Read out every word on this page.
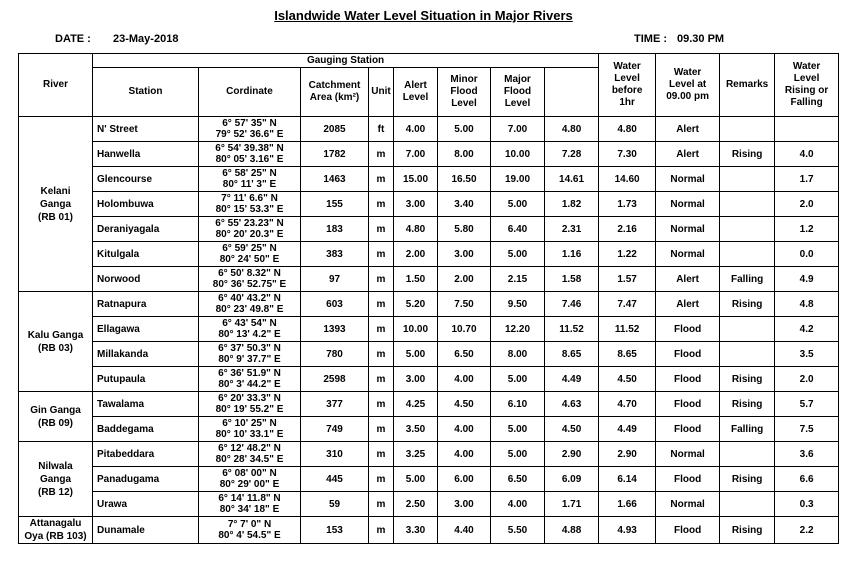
Islandwide Water Level Situation in Major Rivers
DATE : 23-May-2018	TIME : 09.30 PM
River	Gauging Station								Water
Level
before
1hr	Water
Level at
09.00 pm	Remarks	Water
Level
Rising or
Falling

	Station	Cordinate	Catchment
Area (km²)	Unit	Alert
Level	Minor
Flood
Level	Major
Flood
Level						

Kelani
Ganga
(RB 01)	N' Street	6° 57' 35" N
79° 52' 36.6" E	2085	ft	4.00	5.00	7.00	4.80	4.80	Alert			
	Hanwella	6° 54' 39.38" N
80° 05' 3.16" E	1782	m	7.00	8.00	10.00	7.28	7.30	Alert	Rising	4.0	
	Glencourse	6° 58' 25" N
80° 11' 3" E	1463	m	15.00	16.50	19.00	14.61	14.60	Normal		1.7	
	Holombuwa	7° 11' 6.6" N
80° 15' 53.3" E	155	m	3.00	3.40	5.00	1.82	1.73	Normal		2.0	
	Deraniyagala	6° 55' 23.23" N
80° 20' 20.3" E	183	m	4.80	5.80	6.40	2.31	2.16	Normal		1.2	
	Kitulgala	6° 59' 25" N
80° 24' 50" E	383	m	2.00	3.00	5.00	1.16	1.22	Normal		0.0	
	Norwood	6° 50' 8.32" N
80° 36' 52.75" E	97	m	1.50	2.00	2.15	1.58	1.57	Alert	Falling	4.9	

Kalu Ganga
(RB 03)	Ratnapura	6° 40' 43.2" N
80° 23' 49.8" E	603	m	5.20	7.50	9.50	7.46	7.47	Alert	Rising	4.8	
	Ellagawa	6° 43' 54" N
80° 13' 4.2" E	1393	m	10.00	10.70	12.20	11.52	11.52	Flood		4.2	
	Millakanda	6° 37' 50.3" N
80° 9' 37.7" E	780	m	5.00	6.50	8.00	8.65	8.65	Flood		3.5	
	Putupaula	6° 36' 51.9" N
80° 3' 44.2" E	2598	m	3.00	4.00	5.00	4.49	4.50	Flood	Rising	2.0	

Gin Ganga
(RB 09)	Tawalama	6° 20' 33.3" N
80° 19' 55.2" E	377	m	4.25	4.50	6.10	4.63	4.70	Flood	Rising	5.7	
	Baddegama	6° 10' 25" N
80° 10' 33.1" E	749	m	3.50	4.00	5.00	4.50	4.49	Flood	Falling	7.5	

Nilwala
Ganga
(RB 12)	Pitabeddara	6° 12' 48.2" N
80° 28' 34.5" E	310	m	3.25	4.00	5.00	2.90	2.90	Normal		3.6	
	Panadugama	6° 08' 00" N
80° 29' 00" E	445	m	5.00	6.00	6.50	6.09	6.14	Flood	Rising	6.6	
	Urawa	6° 14' 11.8" N
80° 34' 18" E	59	m	2.50	3.00	4.00	1.71	1.66	Normal		0.3	

Attanagalu
Oya (RB 103)	Dunamale	7° 7' 0" N
80° 4' 54.5" E	153	m	3.30	4.40	5.50	4.88	4.93	Flood	Rising	2.2	
